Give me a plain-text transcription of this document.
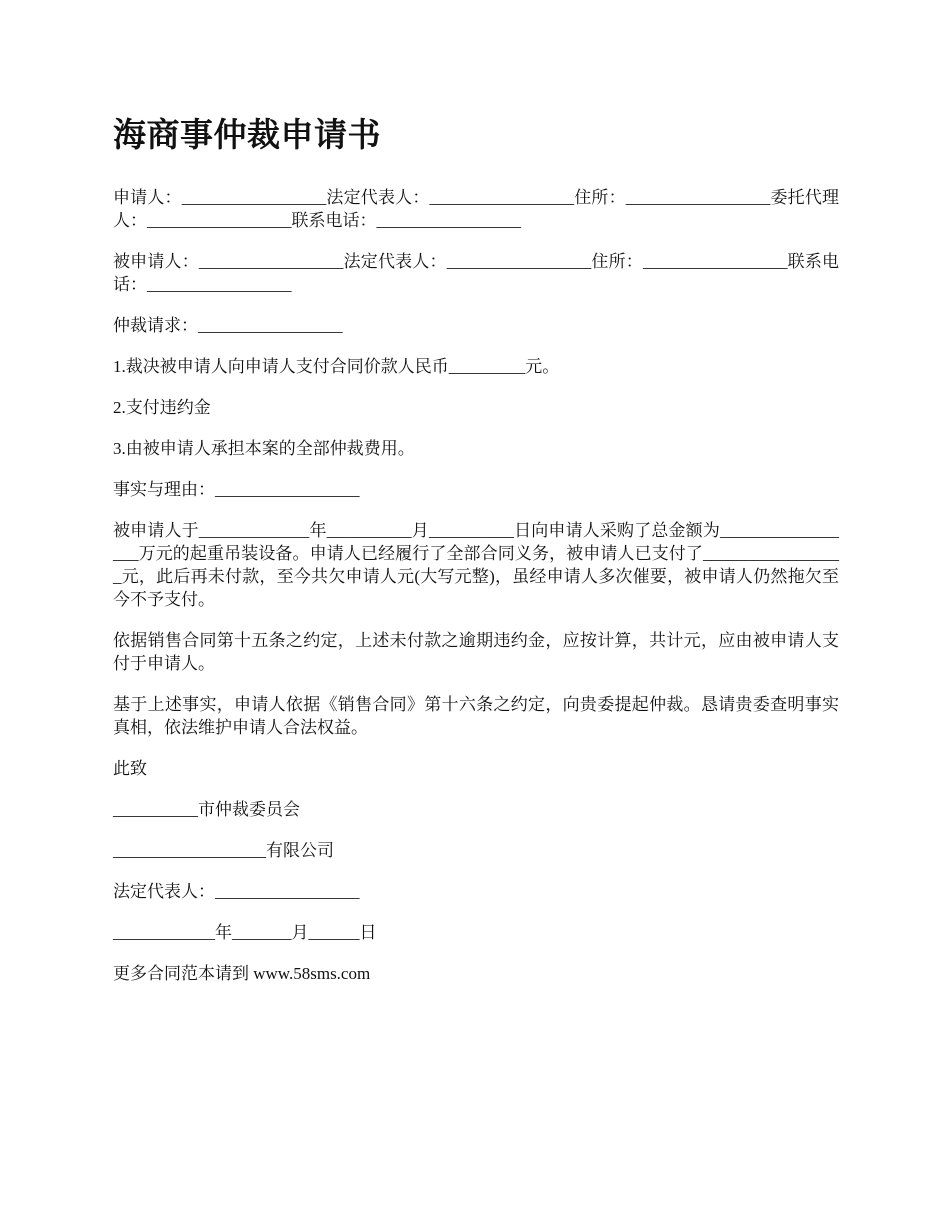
海商事仲裁申请书

申请人：_________________法定代表人：_________________住所：_________________委托代理人：_________________联系电话：_________________

被申请人：_________________法定代表人：_________________住所：_________________联系电话：_________________

仲裁请求：_________________

1.裁决被申请人向申请人支付合同价款人民币_________元。

2.支付违约金

3.由被申请人承担本案的全部仲裁费用。

事实与理由：_________________

被申请人于_____________年__________月__________日向申请人采购了总金额为_________________万元的起重吊装设备。申请人已经履行了全部合同义务，被申请人已支付了_________________元，此后再未付款，至今共欠申请人元(大写元整)，虽经申请人多次催要，被申请人仍然拖欠至今不予支付。

依据销售合同第十五条之约定，上述未付款之逾期违约金，应按计算，共计元，应由被申请人支付于申请人。

基于上述事实，申请人依据《销售合同》第十六条之约定，向贵委提起仲裁。恳请贵委查明事实真相，依法维护申请人合法权益。

此致

__________市仲裁委员会

__________________有限公司

法定代表人：_________________

____________年_______月______日

更多合同范本请到 www.58sms.com
